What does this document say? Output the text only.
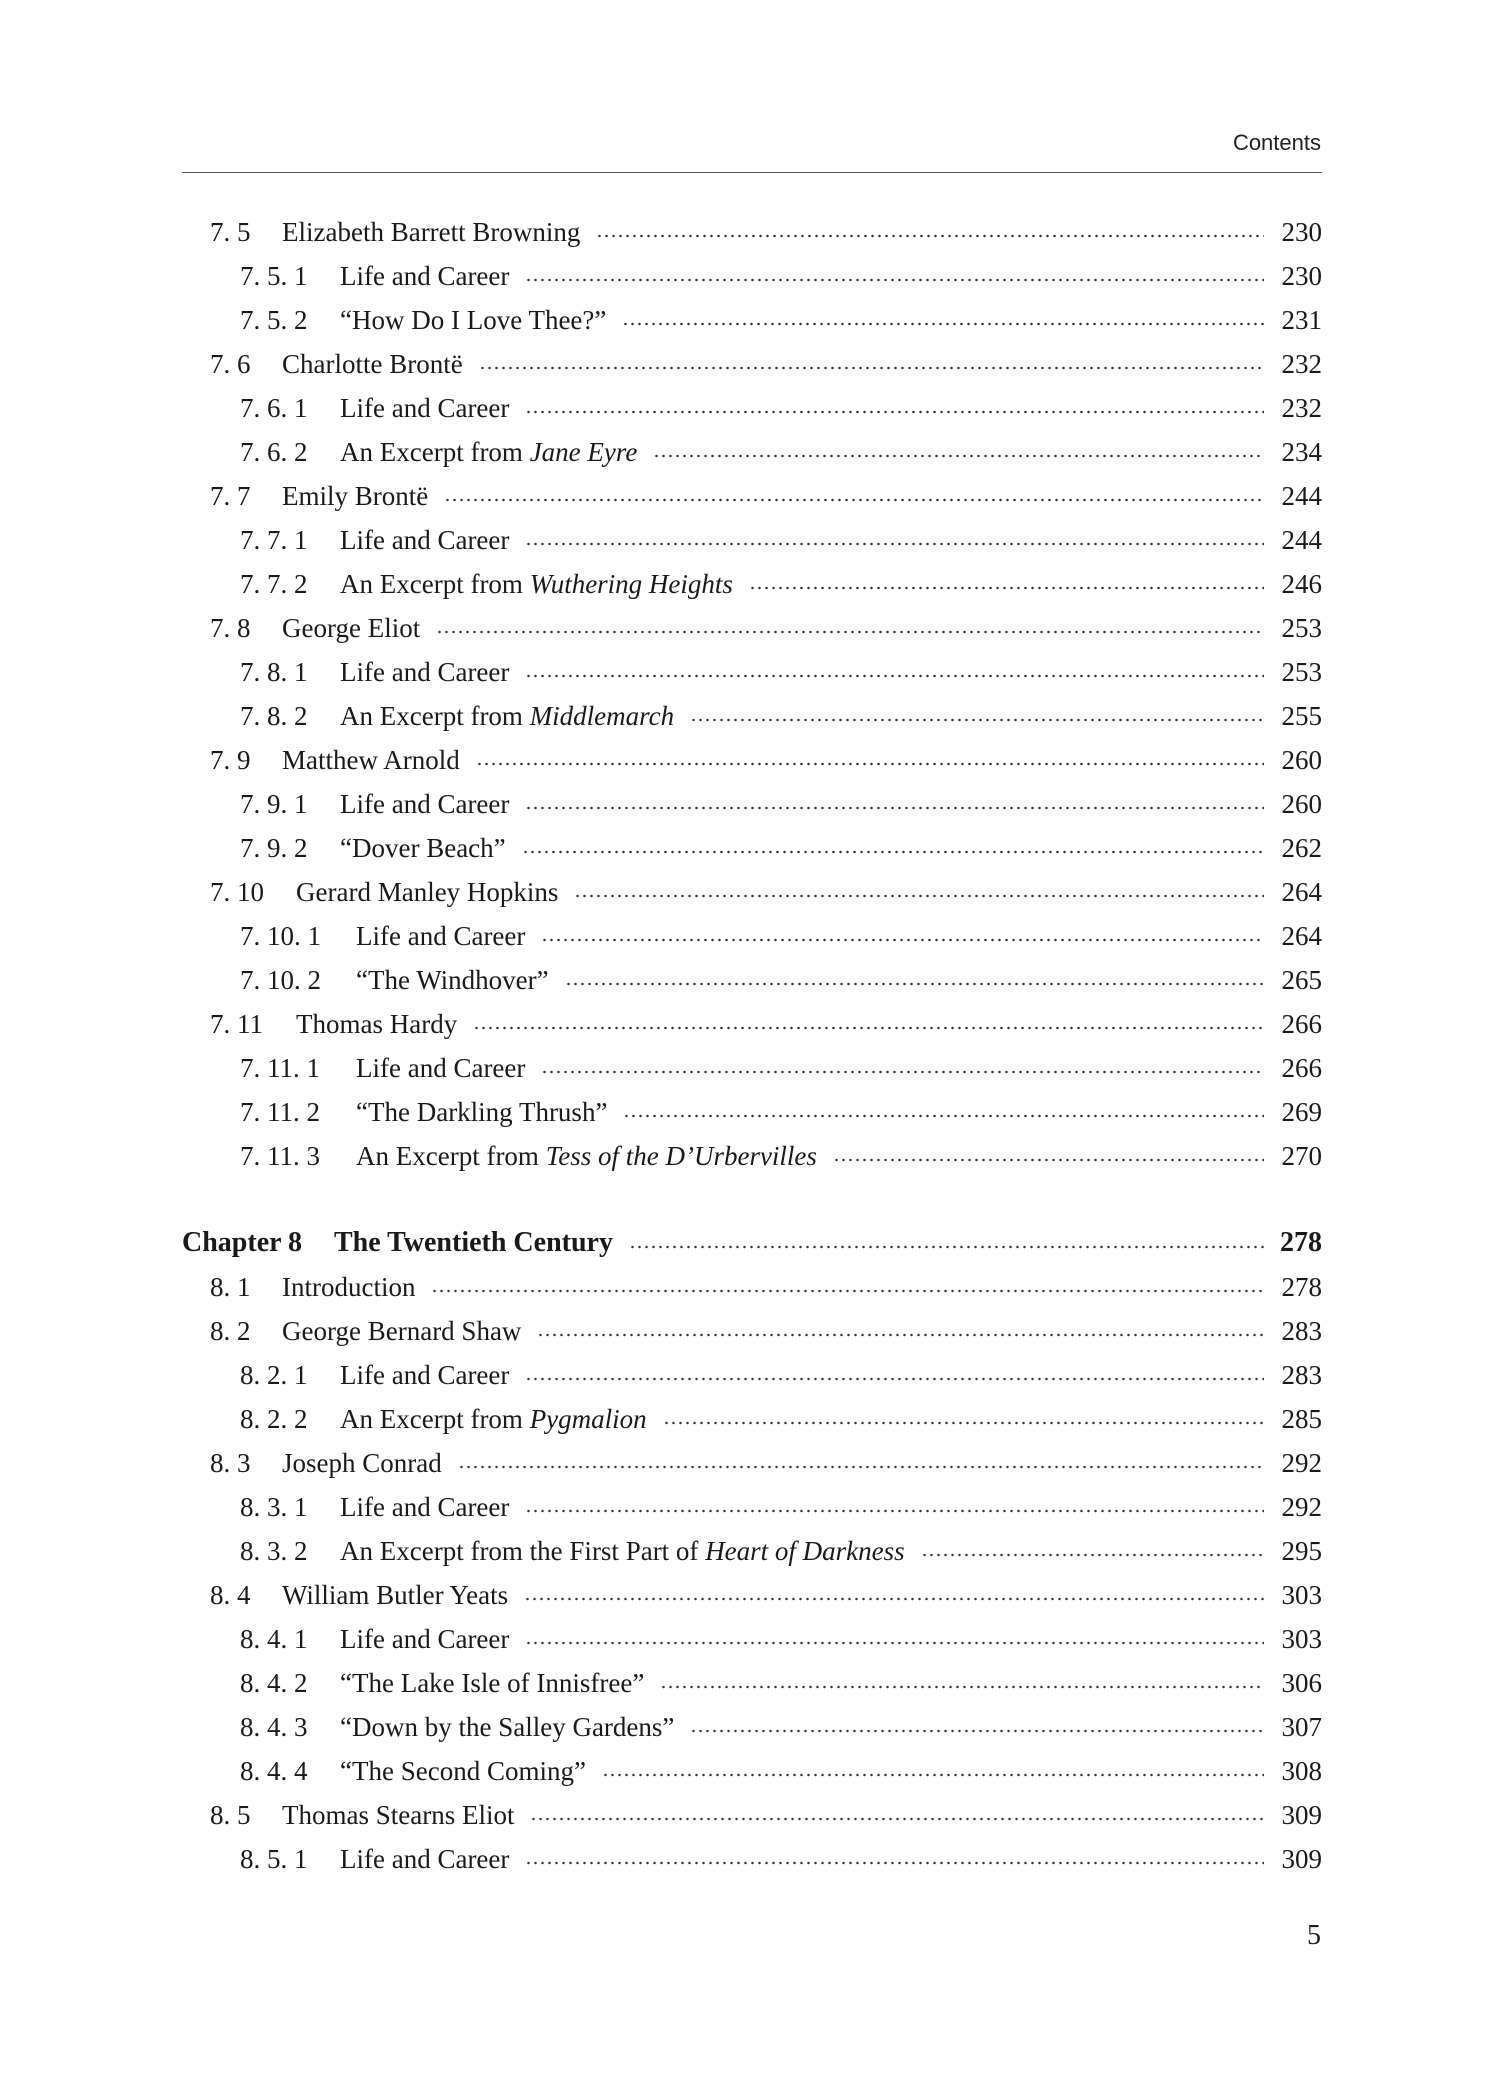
Contents
7. 5	Elizabeth Barrett Browning	230
7. 5. 1	Life and Career	230
7. 5. 2	“How Do I Love Thee?”	231
7. 6	Charlotte Brontë	232
7. 6. 1	Life and Career	232
7. 6. 2	An Excerpt from Jane Eyre	234
7. 7	Emily Brontë	244
7. 7. 1	Life and Career	244
7. 7. 2	An Excerpt from Wuthering Heights	246
7. 8	George Eliot	253
7. 8. 1	Life and Career	253
7. 8. 2	An Excerpt from Middlemarch	255
7. 9	Matthew Arnold	260
7. 9. 1	Life and Career	260
7. 9. 2	“Dover Beach”	262
7. 10	Gerard Manley Hopkins	264
7. 10. 1	Life and Career	264
7. 10. 2	“The Windhover”	265
7. 11	Thomas Hardy	266
7. 11. 1	Life and Career	266
7. 11. 2	“The Darkling Thrush”	269
7. 11. 3	An Excerpt from Tess of the D’Urbervilles	270
Chapter 8	The Twentieth Century	278
8. 1	Introduction	278
8. 2	George Bernard Shaw	283
8. 2. 1	Life and Career	283
8. 2. 2	An Excerpt from Pygmalion	285
8. 3	Joseph Conrad	292
8. 3. 1	Life and Career	292
8. 3. 2	An Excerpt from the First Part of Heart of Darkness	295
8. 4	William Butler Yeats	303
8. 4. 1	Life and Career	303
8. 4. 2	“The Lake Isle of Innisfree”	306
8. 4. 3	“Down by the Salley Gardens”	307
8. 4. 4	“The Second Coming”	308
8. 5	Thomas Stearns Eliot	309
8. 5. 1	Life and Career	309
5
